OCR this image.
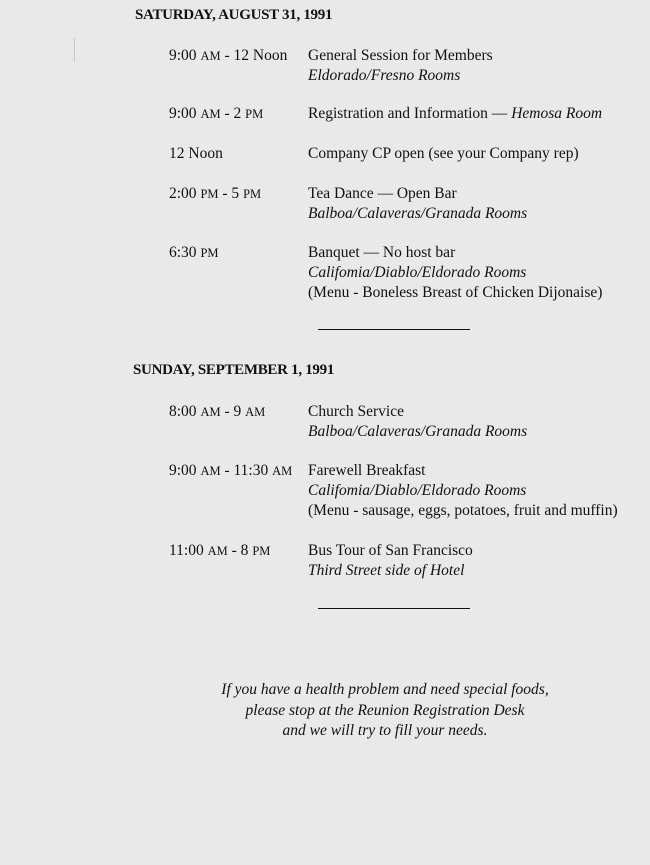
SATURDAY, AUGUST 31, 1991
9:00 AM - 12 Noon General Session for Members
Eldorado/Fresno Rooms
9:00 AM - 2 PM	Registration and Information — Hemosa Room
12 Noon	Company CP open (see your Company rep)
2:00 PM - 5 PM	Tea Dance — Open Bar
Balboa/Calaveras/Granada Rooms
6:30 PM	Banquet — No host bar
Califomia/Diablo/Eldorado Rooms
(Menu - Boneless Breast of Chicken Dijonaise)
SUNDAY, SEPTEMBER 1, 1991
8:00 AM - 9 AM	Church Service
Balboa/Calaveras/Granada Rooms
9:00 AM - 11:30 AM Farewell Breakfast
Califomia/Diablo/Eldorado Rooms
(Menu - sausage, eggs, potatoes, fruit and muffin)
11:00 AM - 8 PM Bus Tour of San Francisco
Third Street side of Hotel
If you have a health problem and need special foods,
please stop at the Reunion Registration Desk
and we will try to fill your needs.
